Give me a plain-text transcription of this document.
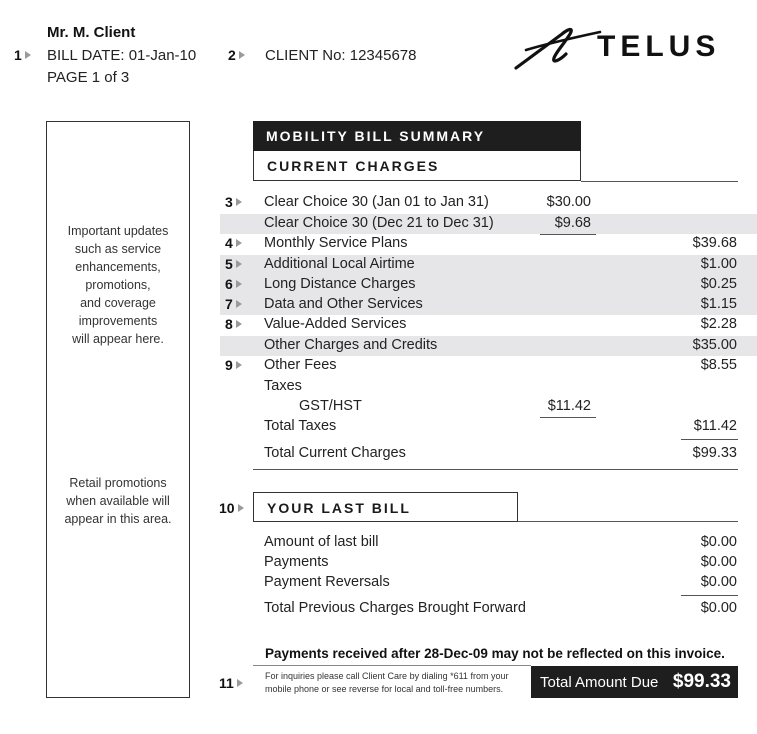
Mr. M. Client
1	BILL DATE: 01-Jan-10
PAGE 1 of 3
2	CLIENT No: 12345678	TELUS
Important updates
such as service
enhancements,
promotions,
and coverage
improvements
will appear here.
Retail promotions
when available will
appear in this area.
MOBILITY BILL SUMMARY
CURRENT CHARGES
3	Clear Choice 30 (Jan 01 to Jan 31)	$30.00
Clear Choice 30 (Dec 21 to Dec 31)	$9.68
4	Monthly Service Plans	$39.68
5	Additional Local Airtime	$1.00
6	Long Distance Charges	$0.25
7	Data and Other Services	$1.15
8	Value-Added Services	$2.28
Other Charges and Credits	$35.00
9	Other Fees	$8.55
Taxes
GST/HST	$11.42
Total Taxes	$11.42
Total Current Charges	$99.33
10	YOUR LAST BILL
Amount of last bill	$0.00
Payments	$0.00
Payment Reversals	$0.00
Total Previous Charges Brought Forward	$0.00
Payments received after 28-Dec-09 may not be reflected on this invoice.
11	For inquiries please call Client Care by dialing *611 from your
mobile phone or see reverse for local and toll-free numbers.	Total Amount Due $99.33
